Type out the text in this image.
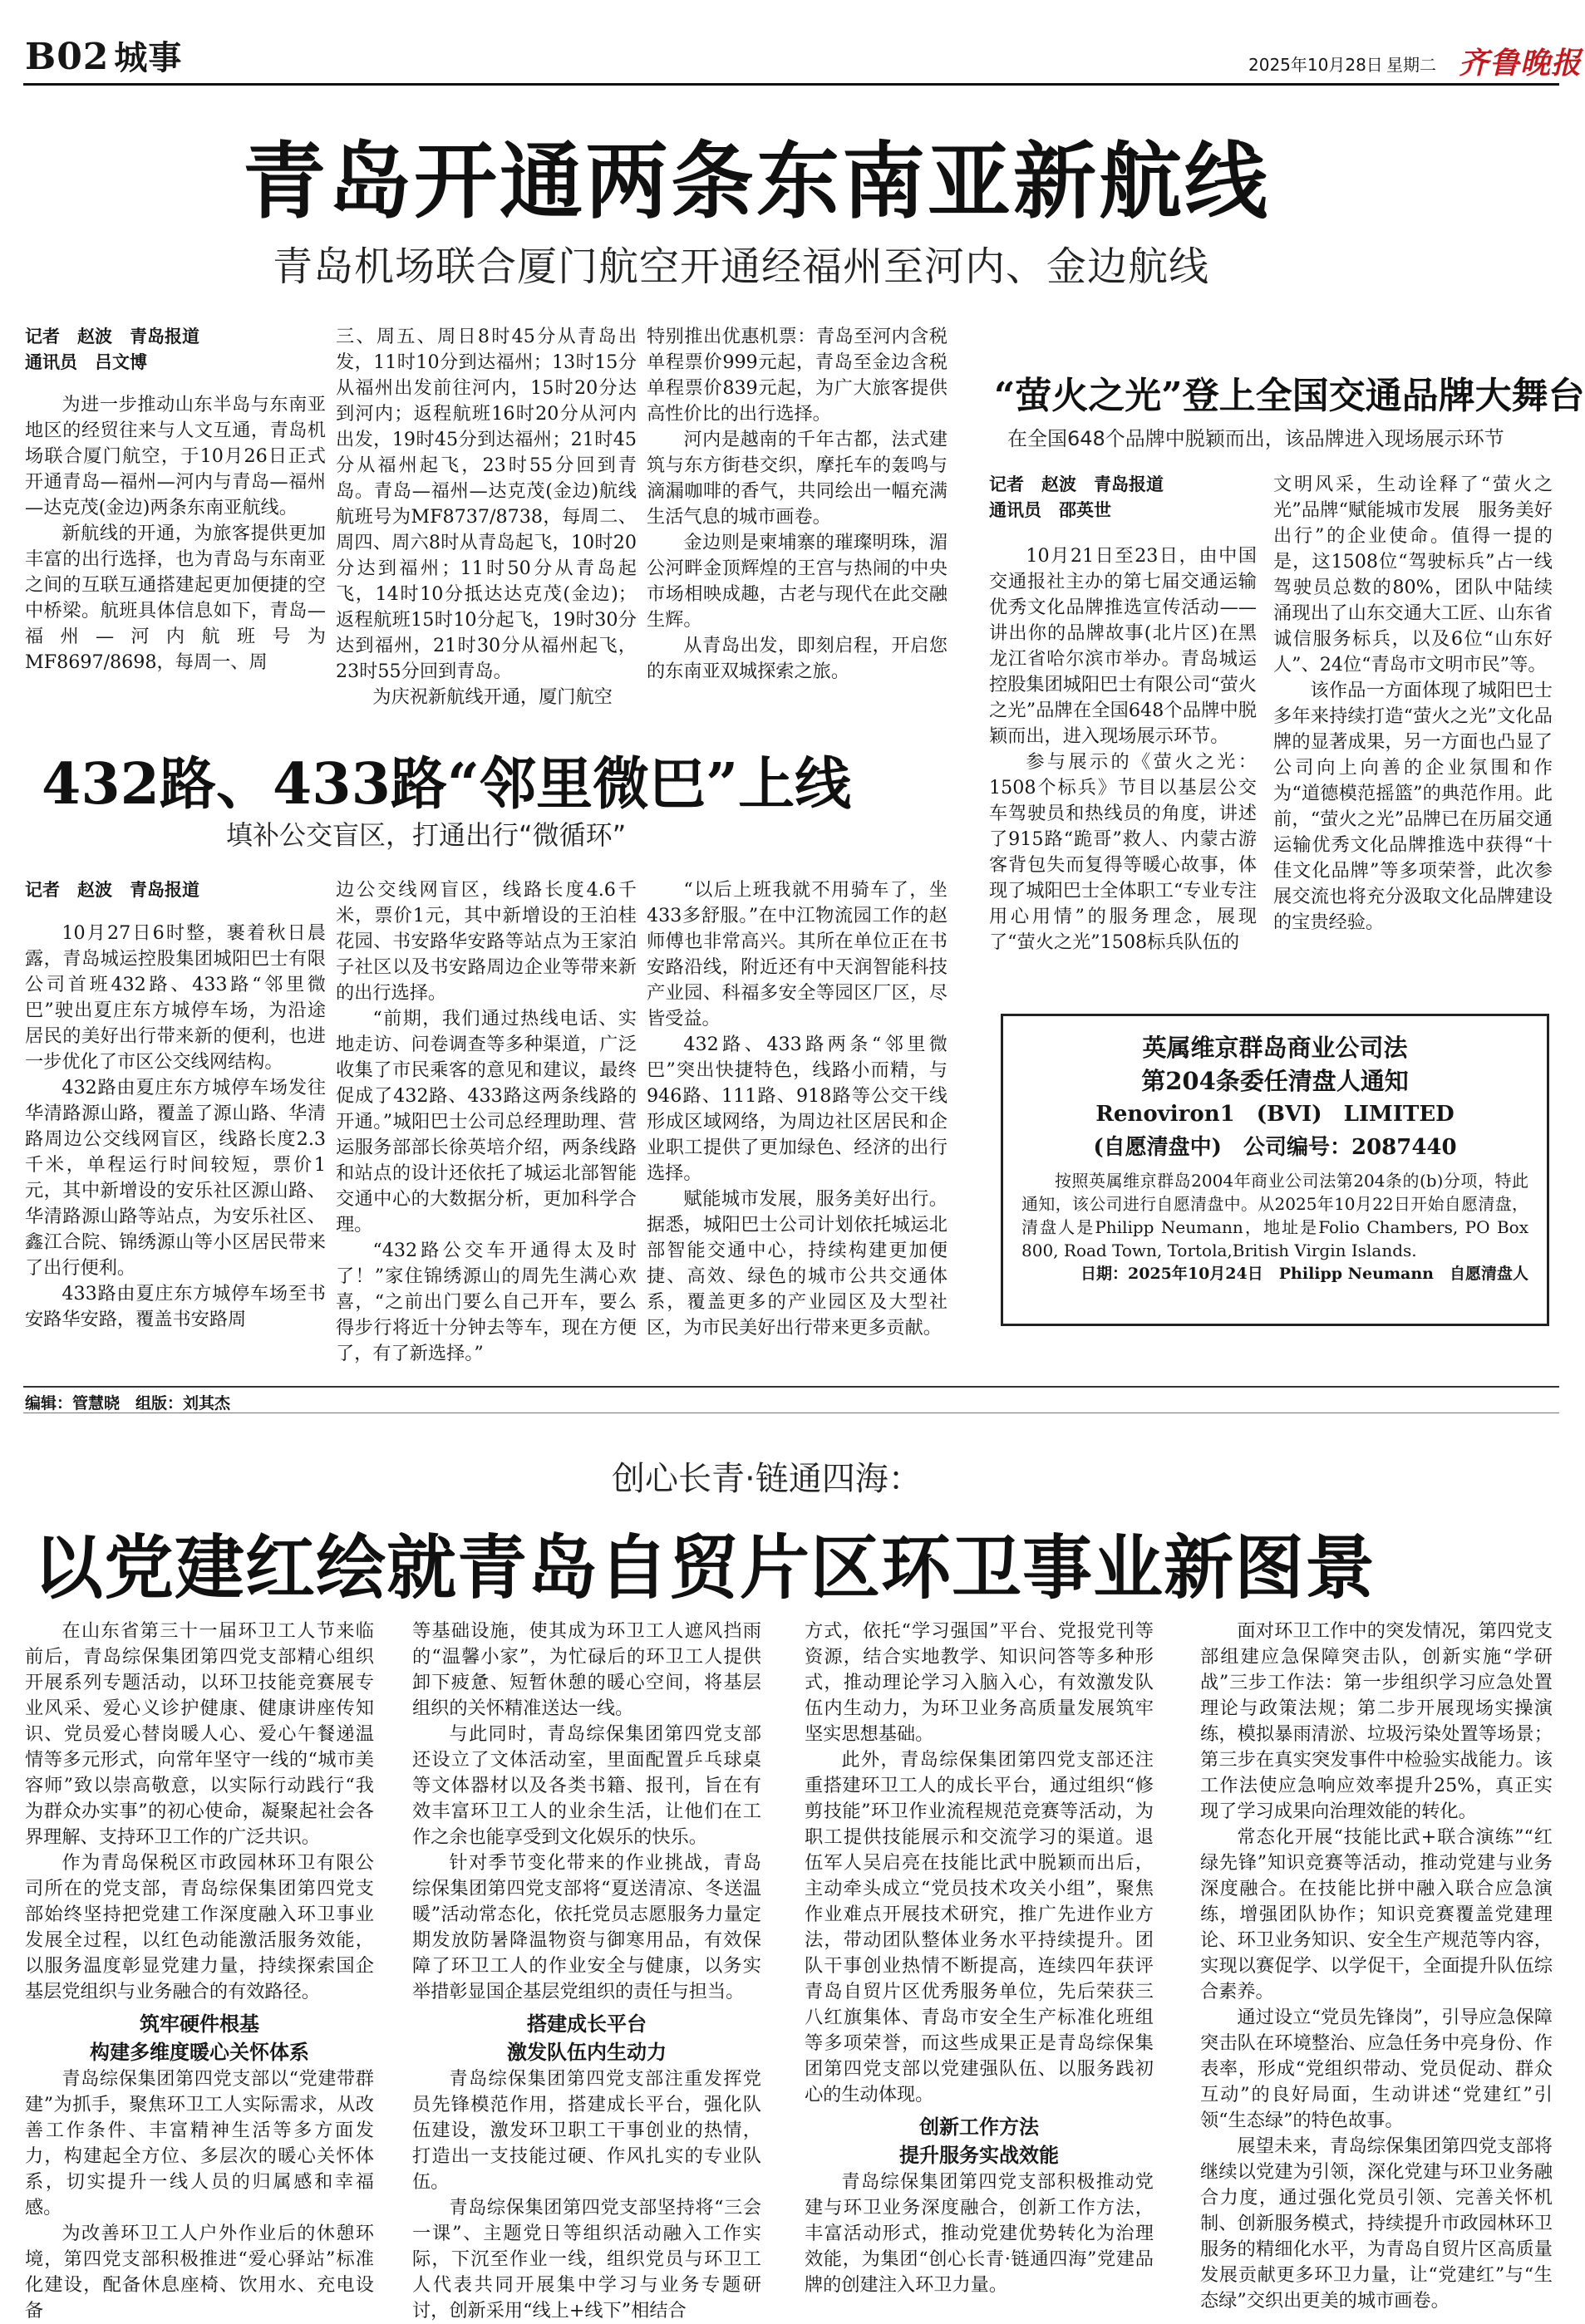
B02 城事	2025年10月28日 星期二 齐鲁晚报
青岛开通两条东南亚新航线
青岛机场联合厦门航空开通经福州至河内、金边航线
记者　赵波　青岛报道
通讯员　吕文博

为进一步推动山东半岛与东南亚地区的经贸往来与人文互通，青岛机场联合厦门航空，于10月26日正式开通青岛—福州—河内与青岛—福州—达克茂(金边)两条东南亚航线。

新航线的开通，为旅客提供更加丰富的出行选择，也为青岛与东南亚之间的互联互通搭建起更加便捷的空中桥梁。航班具体信息如下，青岛—福州—河内航班号为MF8697/8698，每周一、周

三、周五、周日8时45分从青岛出发，11时10分到达福州；13时15分从福州出发前往河内，15时20分达到河内；返程航班16时20分从河内出发，19时45分到达福州；21时45分从福州起飞，23时55分回到青岛。青岛—福州—达克茂(金边)航线航班号为MF8737/8738，每周二、周四、周六8时从青岛起飞，10时20分达到福州；11时50分从青岛起飞，14时10分抵达达克茂(金边)；返程航班15时10分起飞，19时30分达到福州，21时30分从福州起飞，23时55分回到青岛。

为庆祝新航线开通，厦门航空

特别推出优惠机票：青岛至河内含税单程票价999元起，青岛至金边含税单程票价839元起，为广大旅客提供高性价比的出行选择。

河内是越南的千年古都，法式建筑与东方街巷交织，摩托车的轰鸣与滴漏咖啡的香气，共同绘出一幅充满生活气息的城市画卷。

金边则是柬埔寨的璀璨明珠，湄公河畔金顶辉煌的王宫与热闹的中央市场相映成趣，古老与现代在此交融生辉。

从青岛出发，即刻启程，开启您的东南亚双城探索之旅。

“萤火之光”登上全国交通品牌大舞台
在全国648个品牌中脱颖而出，该品牌进入现场展示环节
记者　赵波　青岛报道
通讯员　邵英世

10月21日至23日，由中国交通报社主办的第七届交通运输优秀文化品牌推选宣传活动——讲出你的品牌故事(北片区)在黑龙江省哈尔滨市举办。青岛城运控股集团城阳巴士有限公司“萤火之光”品牌在全国648个品牌中脱颖而出，进入现场展示环节。

参与展示的《萤火之光：1508个标兵》节目以基层公交车驾驶员和热线员的角度，讲述了915路“跪哥”救人、内蒙古游客背包失而复得等暖心故事，体现了城阳巴士全体职工“专业专注　用心用情”的服务理念，展现了“萤火之光”1508标兵队伍的

文明风采，生动诠释了“萤火之光”品牌“赋能城市发展　服务美好出行”的企业使命。值得一提的是，这1508位“驾驶标兵”占一线驾驶员总数的80%，团队中陆续涌现出了山东交通大工匠、山东省诚信服务标兵，以及6位“山东好人”、24位“青岛市文明市民”等。

该作品一方面体现了城阳巴士多年来持续打造“萤火之光”文化品牌的显著成果，另一方面也凸显了公司向上向善的企业氛围和作为“道德模范摇篮”的典范作用。此前，“萤火之光”品牌已在历届交通运输优秀文化品牌推选中获得“十佳文化品牌”等多项荣誉，此次参展交流也将充分汲取文化品牌建设的宝贵经验。

432路、433路“邻里微巴”上线
填补公交盲区，打通出行“微循环”
记者　赵波　青岛报道

10月27日6时整，裹着秋日晨露，青岛城运控股集团城阳巴士有限公司首班432路、433路“邻里微巴”驶出夏庄东方城停车场，为沿途居民的美好出行带来新的便利，也进一步优化了市区公交线网结构。

432路由夏庄东方城停车场发往华清路源山路，覆盖了源山路、华清路周边公交线网盲区，线路长度2.3千米，单程运行时间较短，票价1元，其中新增设的安乐社区源山路、华清路源山路等站点，为安乐社区、鑫江合院、锦绣源山等小区居民带来了出行便利。

433路由夏庄东方城停车场至书安路华安路，覆盖书安路周

边公交线网盲区，线路长度4.6千米，票价1元，其中新增设的王泊桂花园、书安路华安路等站点为王家泊子社区以及书安路周边企业等带来新的出行选择。

“前期，我们通过热线电话、实地走访、问卷调查等多种渠道，广泛收集了市民乘客的意见和建议，最终促成了432路、433路这两条线路的开通。”城阳巴士公司总经理助理、营运服务部部长徐英培介绍，两条线路和站点的设计还依托了城运北部智能交通中心的大数据分析，更加科学合理。

“432路公交车开通得太及时了！”家住锦绣源山的周先生满心欢喜，“之前出门要么自己开车，要么得步行将近十分钟去等车，现在方便了，有了新选择。”

“以后上班我就不用骑车了，坐433多舒服。”在中江物流园工作的赵师傅也非常高兴。其所在单位正在书安路沿线，附近还有中天润智能科技产业园、科福多安全等园区厂区，尽皆受益。

432路、433路两条“邻里微巴”突出快捷特色，线路小而精，与946路、111路、918路等公交干线形成区域网络，为周边社区居民和企业职工提供了更加绿色、经济的出行选择。

赋能城市发展，服务美好出行。据悉，城阳巴士公司计划依托城运北部智能交通中心，持续构建更加便捷、高效、绿色的城市公共交通体系，覆盖更多的产业园区及大型社区，为市民美好出行带来更多贡献。

英属维京群岛商业公司法
第204条委任清盘人通知
Renoviron1　(BVI)　LIMITED
(自愿清盘中)　公司编号：2087440

按照英属维京群岛2004年商业公司法第204条的(b)分项，特此通知，该公司进行自愿清盘中。从2025年10月22日开始自愿清盘，清盘人是Philipp Neumann，地址是Folio Chambers, PO Box 800, Road Town, Tortola,British Virgin Islands.

日期：2025年10月24日　Philipp Neumann　自愿清盘人
编辑：管慧晓　组版：刘其杰
创心长青·链通四海：
以党建红绘就青岛自贸片区环卫事业新图景

在山东省第三十一届环卫工人节来临前后，青岛综保集团第四党支部精心组织开展系列专题活动，以环卫技能竞赛展专业风采、爱心义诊护健康、健康讲座传知识、党员爱心替岗暖人心、爱心午餐递温情等多元形式，向常年坚守一线的“城市美容师”致以崇高敬意，以实际行动践行“我为群众办实事”的初心使命，凝聚起社会各界理解、支持环卫工作的广泛共识。

作为青岛保税区市政园林环卫有限公司所在的党支部，青岛综保集团第四党支部始终坚持把党建工作深度融入环卫事业发展全过程，以红色动能激活服务效能，以服务温度彰显党建力量，持续探索国企基层党组织与业务融合的有效路径。

筑牢硬件根基
构建多维度暖心关怀体系

青岛综保集团第四党支部以“党建带群建”为抓手，聚焦环卫工人实际需求，从改善工作条件、丰富精神生活等多方面发力，构建起全方位、多层次的暖心关怀体系，切实提升一线人员的归属感和幸福感。

为改善环卫工人户外作业后的休憩环境，第四党支部积极推进“爱心驿站”标准化建设，配备休息座椅、饮用水、充电设备

等基础设施，使其成为环卫工人遮风挡雨的“温馨小家”，为忙碌后的环卫工人提供卸下疲惫、短暂休憩的暖心空间，将基层组织的关怀精准送达一线。

与此同时，青岛综保集团第四党支部还设立了文体活动室，里面配置乒乓球桌等文体器材以及各类书籍、报刊，旨在有效丰富环卫工人的业余生活，让他们在工作之余也能享受到文化娱乐的快乐。

针对季节变化带来的作业挑战，青岛综保集团第四党支部将“夏送清凉、冬送温暖”活动常态化，依托党员志愿服务力量定期发放防暑降温物资与御寒用品，有效保障了环卫工人的作业安全与健康，以务实举措彰显国企基层党组织的责任与担当。

搭建成长平台
激发队伍内生动力

青岛综保集团第四党支部注重发挥党员先锋模范作用，搭建成长平台，强化队伍建设，激发环卫职工干事创业的热情，打造出一支技能过硬、作风扎实的专业队伍。

青岛综保集团第四党支部坚持将“三会一课”、主题党日等组织活动融入工作实际，下沉至作业一线，组织党员与环卫工人代表共同开展集中学习与业务专题研讨，创新采用“线上+线下”相结合

方式，依托“学习强国”平台、党报党刊等资源，结合实地教学、知识问答等多种形式，推动理论学习入脑入心，有效激发队伍内生动力，为环卫业务高质量发展筑牢坚实思想基础。

此外，青岛综保集团第四党支部还注重搭建环卫工人的成长平台，通过组织“修剪技能”环卫作业流程规范竞赛等活动，为职工提供技能展示和交流学习的渠道。退伍军人吴启亮在技能比武中脱颖而出后，主动牵头成立“党员技术攻关小组”，聚焦作业难点开展技术研究，推广先进作业方法，带动团队整体业务水平持续提升。团队干事创业热情不断提高，连续四年获评青岛自贸片区优秀服务单位，先后荣获三八红旗集体、青岛市安全生产标准化班组等多项荣誉，而这些成果正是青岛综保集团第四党支部以党建强队伍、以服务践初心的生动体现。

创新工作方法
提升服务实战效能

青岛综保集团第四党支部积极推动党建与环卫业务深度融合，创新工作方法，丰富活动形式，推动党建优势转化为治理效能，为集团“创心长青·链通四海”党建品牌的创建注入环卫力量。

面对环卫工作中的突发情况，第四党支部组建应急保障突击队，创新实施“学研战”三步工作法：第一步组织学习应急处置理论与政策法规；第二步开展现场实操演练，模拟暴雨清淤、垃圾污染处置等场景；第三步在真实突发事件中检验实战能力。该工作法使应急响应效率提升25%，真正实现了学习成果向治理效能的转化。

常态化开展“技能比武+联合演练”“红绿先锋”知识竞赛等活动，推动党建与业务深度融合。在技能比拼中融入联合应急演练，增强团队协作；知识竞赛覆盖党建理论、环卫业务知识、安全生产规范等内容，实现以赛促学、以学促干，全面提升队伍综合素养。

通过设立“党员先锋岗”，引导应急保障突击队在环境整治、应急任务中亮身份、作表率，形成“党组织带动、党员促动、群众互动”的良好局面，生动讲述“党建红”引领“生态绿”的特色故事。

展望未来，青岛综保集团第四党支部将继续以党建为引领，深化党建与环卫业务融合力度，通过强化党员引领、完善关怀机制、创新服务模式，持续提升市政园林环卫服务的精细化水平，为青岛自贸片区高质量发展贡献更多环卫力量，让“党建红”与“生态绿”交织出更美的城市画卷。
